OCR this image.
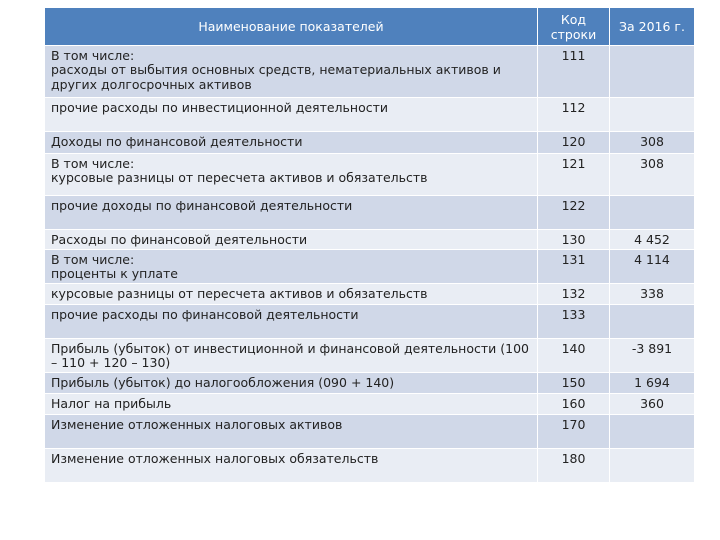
Наименование показателей	Код строки	За 2016 г.
В том числе:
расходы от выбытия основных средств, нематериальных активов и других долгосрочных активов	111	
прочие расходы по инвестиционной деятельности	112	
Доходы по финансовой деятельности	120	308
В том числе:
курсовые разницы от пересчета активов и обязательств	121	308
прочие доходы по финансовой деятельности	122	
Расходы по финансовой деятельности	130	4 452
В том числе:
проценты к уплате	131	4 114
курсовые разницы от пересчета активов и обязательств	132	338
прочие расходы по финансовой деятельности	133	
Прибыль (убыток) от инвестиционной и финансовой деятельности (100 – 110 + 120 – 130)	140	-3 891
Прибыль (убыток) до налогообложения (090 + 140)	150	1 694
Налог на прибыль	160	360
Изменение отложенных налоговых активов	170	
Изменение отложенных налоговых обязательств	180	
